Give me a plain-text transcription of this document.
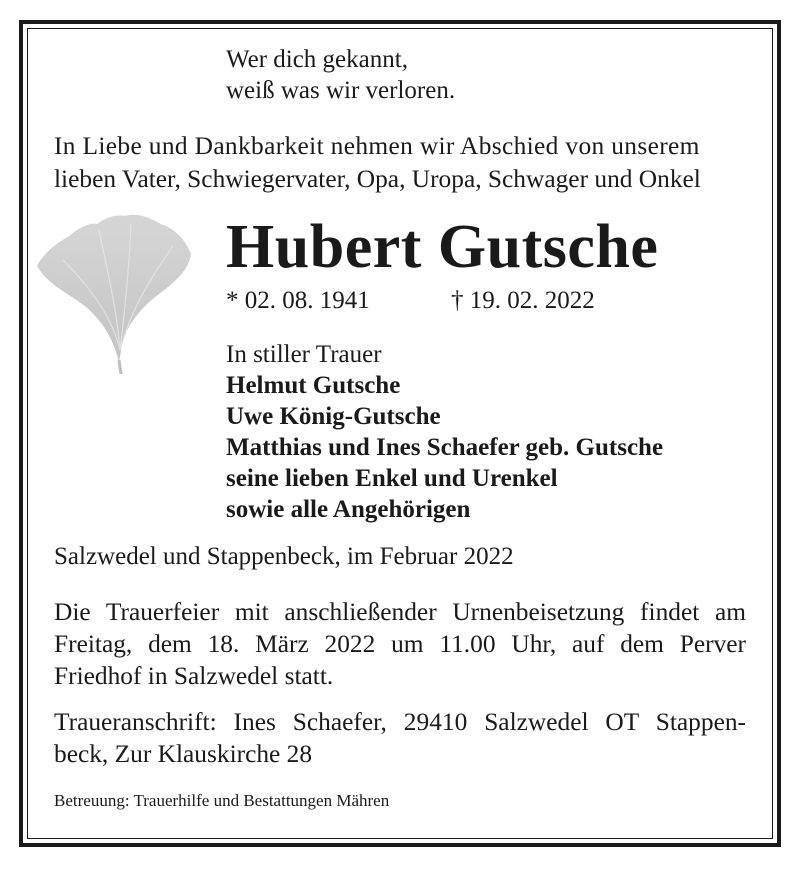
Wer dich gekannt,
weiß was wir verloren.
In Liebe und Dankbarkeit nehmen wir Abschied von unserem
lieben Vater, Schwiegervater, Opa, Uropa, Schwager und Onkel
Hubert Gutsche
* 02. 08. 1941	† 19. 02. 2022
In stiller Trauer
Helmut Gutsche
Uwe König-Gutsche
Matthias und Ines Schaefer geb. Gutsche
seine lieben Enkel und Urenkel
sowie alle Angehörigen
Salzwedel und Stappenbeck, im Februar 2022
Die Trauerfeier mit anschließender Urnenbeisetzung findet am
Freitag, dem 18. März 2022 um 11.00 Uhr, auf dem Perver
Friedhof in Salzwedel statt.
Traueranschrift: Ines Schaefer, 29410 Salzwedel OT Stappen-
beck, Zur Klauskirche 28
Betreuung: Trauerhilfe und Bestattungen Mähren
